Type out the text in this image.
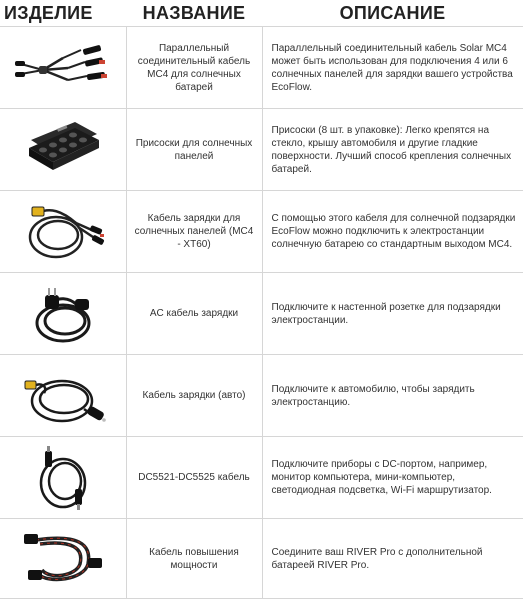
ИЗДЕЛИЕ	НАЗВАНИЕ	ОПИСАНИЕ

	Параллельный соединительный кабель МС4 для солнечных батарей	Параллельный соединительный кабель Solar MC4 может быть использован для подключения 4 или 6 солнечных панелей для зарядки вашего устройства EcoFlow.

	Присоски для солнечных панелей	Присоски (8 шт. в упаковке): Легко крепятся на стекло, крышу автомобиля и другие гладкие поверхности. Лучший способ крепления солнечных батарей.

	Кабель зарядки для солнечных панелей (MC4 - XT60)	С помощью этого кабеля для солнечной подзарядки EcoFlow можно подключить к электростанции солнечную батарею со стандартным выходом MC4.

	AC кабель зарядки	Подключите к настенной розетке для подзарядки электростанции.

	Кабель зарядки (авто)	Подключите к автомобилю, чтобы зарядить электростанцию.

	DC5521-DC5525 кабель	Подключите приборы с DC-портом, например, монитор компьютера, мини-компьютер, светодиодная подсветка, Wi-Fi маршрутизатор.

	Кабель повышения мощности	Соедините ваш RIVER Pro с дополнительной батареей RIVER Pro.
